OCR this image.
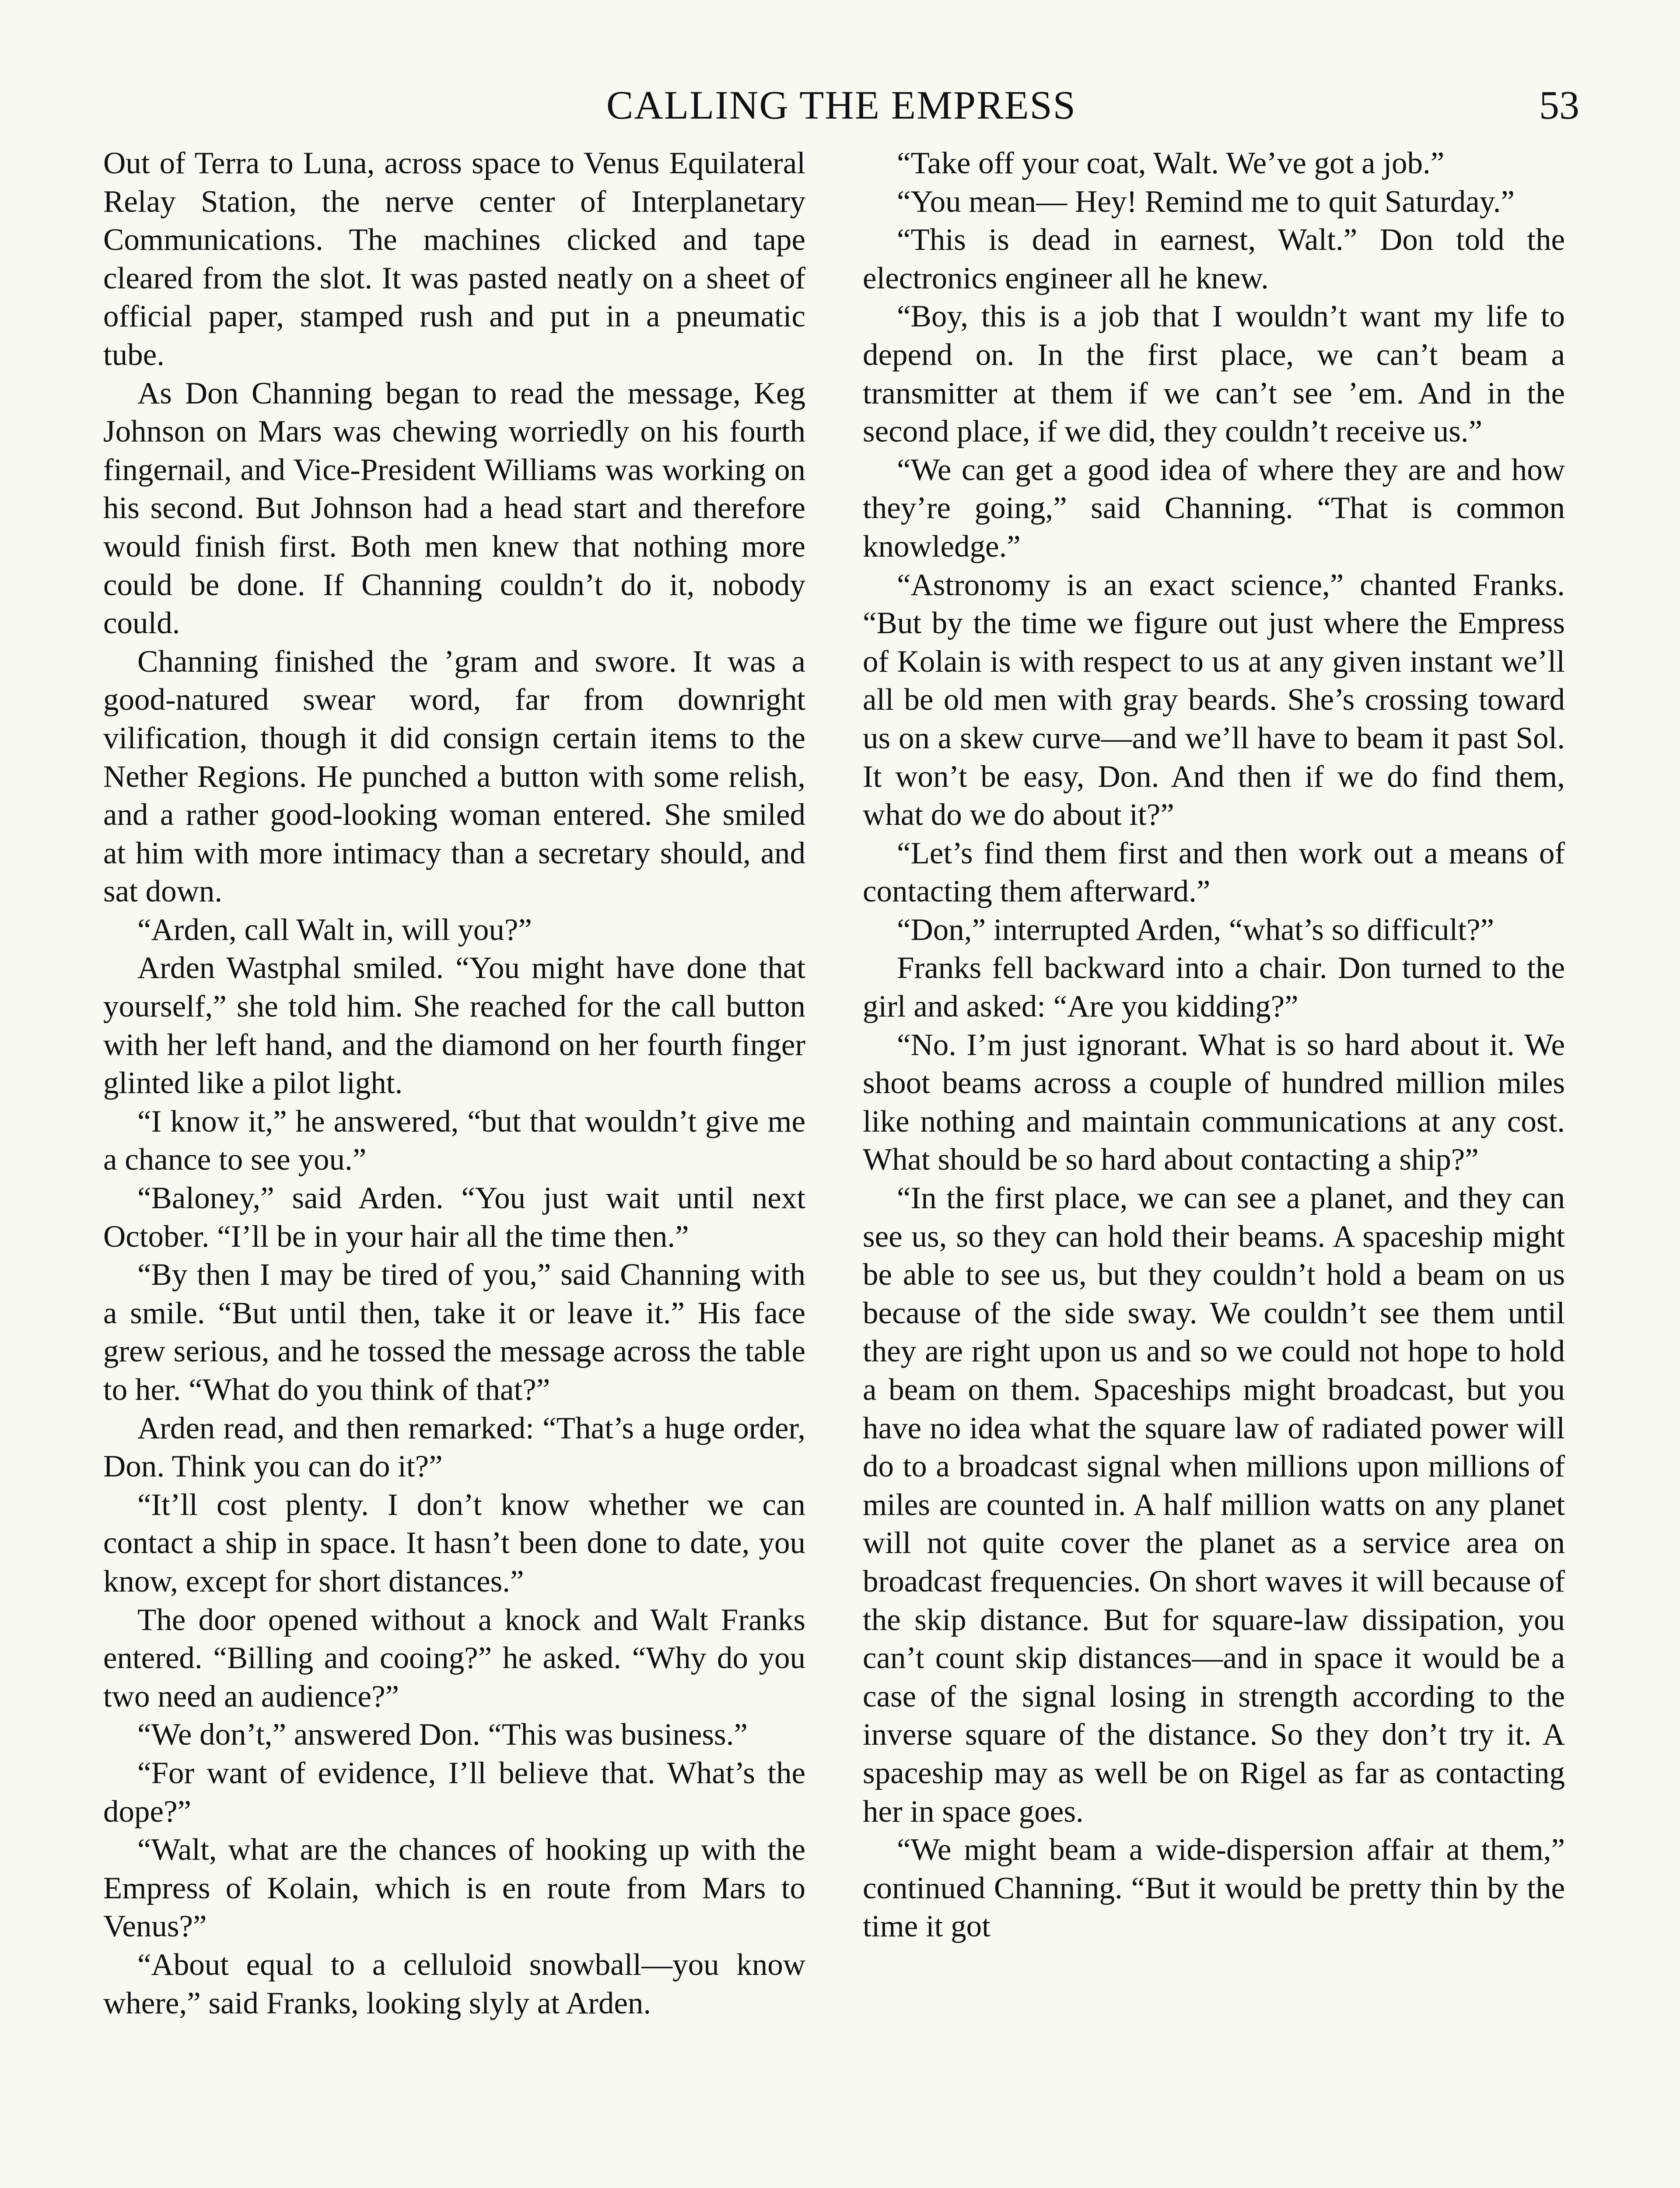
CALLING THE EMPRESS	53

Out of Terra to Luna, across space to Venus Equilateral Relay Station, the nerve center of Interplanetary Communications. The machines clicked and tape cleared from the slot. It was pasted neatly on a sheet of official paper, stamped rush and put in a pneumatic tube.

As Don Channing began to read the message, Keg Johnson on Mars was chewing worriedly on his fourth fingernail, and Vice-President Williams was working on his second. But Johnson had a head start and therefore would finish first. Both men knew that nothing more could be done. If Channing couldn’t do it, nobody could.

Channing finished the ’gram and swore. It was a good-natured swear word, far from downright vilification, though it did consign certain items to the Nether Regions. He punched a button with some relish, and a rather good-looking woman entered. She smiled at him with more intimacy than a secretary should, and sat down.

“Arden, call Walt in, will you?”

Arden Wastphal smiled. “You might have done that yourself,” she told him. She reached for the call button with her left hand, and the diamond on her fourth finger glinted like a pilot light.

“I know it,” he answered, “but that wouldn’t give me a chance to see you.”

“Baloney,” said Arden. “You just wait until next October. “I’ll be in your hair all the time then.”

“By then I may be tired of you,” said Channing with a smile. “But until then, take it or leave it.” His face grew serious, and he tossed the message across the table to her. “What do you think of that?”

Arden read, and then remarked: “That’s a huge order, Don. Think you can do it?”

“It’ll cost plenty. I don’t know whether we can contact a ship in space. It hasn’t been done to date, you know, except for short distances.”

The door opened without a knock and Walt Franks entered. “Billing and cooing?” he asked. “Why do you two need an audience?”

“We don’t,” answered Don. “This was business.”

“For want of evidence, I’ll believe that. What’s the dope?”

“Walt, what are the chances of hooking up with the Empress of Kolain, which is en route from Mars to Venus?”

“About equal to a celluloid snowball—you know where,” said Franks, looking slyly at Arden.

“Take off your coat, Walt. We’ve got a job.”

“You mean— Hey! Remind me to quit Saturday.”

“This is dead in earnest, Walt.” Don told the electronics engineer all he knew.

“Boy, this is a job that I wouldn’t want my life to depend on. In the first place, we can’t beam a transmitter at them if we can’t see ’em. And in the second place, if we did, they couldn’t receive us.”

“We can get a good idea of where they are and how they’re going,” said Channing. “That is common knowledge.”

“Astronomy is an exact science,” chanted Franks. “But by the time we figure out just where the Empress of Kolain is with respect to us at any given instant we’ll all be old men with gray beards. She’s crossing toward us on a skew curve—and we’ll have to beam it past Sol. It won’t be easy, Don. And then if we do find them, what do we do about it?”

“Let’s find them first and then work out a means of contacting them afterward.”

“Don,” interrupted Arden, “what’s so difficult?”

Franks fell backward into a chair. Don turned to the girl and asked: “Are you kidding?”

“No. I’m just ignorant. What is so hard about it. We shoot beams across a couple of hundred million miles like nothing and maintain communications at any cost. What should be so hard about contacting a ship?”

“In the first place, we can see a planet, and they can see us, so they can hold their beams. A spaceship might be able to see us, but they couldn’t hold a beam on us because of the side sway. We couldn’t see them until they are right upon us and so we could not hope to hold a beam on them. Spaceships might broadcast, but you have no idea what the square law of radiated power will do to a broadcast signal when millions upon millions of miles are counted in. A half million watts on any planet will not quite cover the planet as a service area on broadcast frequencies. On short waves it will because of the skip distance. But for square-law dissipation, you can’t count skip distances—and in space it would be a case of the signal losing in strength according to the inverse square of the distance. So they don’t try it. A spaceship may as well be on Rigel as far as contacting her in space goes.

“We might beam a wide-dispersion affair at them,” continued Channing. “But it would be pretty thin by the time it got
